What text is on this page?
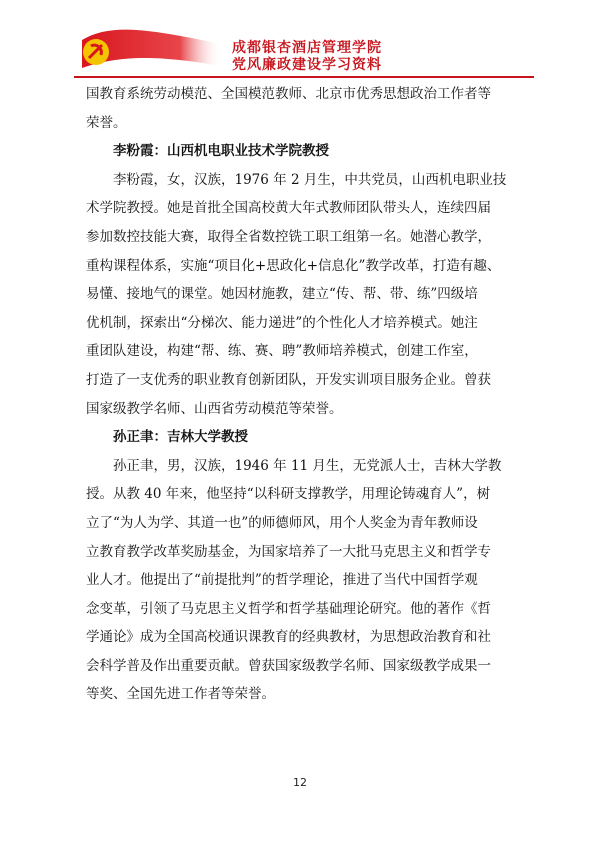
成都银杏酒店管理学院
党风廉政建设学习资料
国教育系统劳动模范、全国模范教师、北京市优秀思想政治工作者等
荣誉。
李粉霞：山西机电职业技术学院教授
李粉霞，女，汉族，1976 年 2 月生，中共党员，山西机电职业技
术学院教授。她是首批全国高校黄大年式教师团队带头人，连续四届
参加数控技能大赛，取得全省数控铣工职工组第一名。她潜心教学，
重构课程体系，实施“项目化+思政化+信息化”教学改革，打造有趣、
易懂、接地气的课堂。她因材施教，建立“传、帮、带、练”四级培
优机制，探索出“分梯次、能力递进”的个性化人才培养模式。她注
重团队建设，构建“帮、练、赛、聘”教师培养模式，创建工作室，
打造了一支优秀的职业教育创新团队，开发实训项目服务企业。曾获
国家级教学名师、山西省劳动模范等荣誉。
孙正聿：吉林大学教授
孙正聿，男，汉族，1946 年 11 月生，无党派人士，吉林大学教
授。从教 40 年来，他坚持“以科研支撑教学，用理论铸魂育人”，树
立了“为人为学、其道一也”的师德师风，用个人奖金为青年教师设
立教育教学改革奖励基金，为国家培养了一大批马克思主义和哲学专
业人才。他提出了“前提批判”的哲学理论，推进了当代中国哲学观
念变革，引领了马克思主义哲学和哲学基础理论研究。他的著作《哲
学通论》成为全国高校通识课教育的经典教材，为思想政治教育和社
会科学普及作出重要贡献。曾获国家级教学名师、国家级教学成果一
等奖、全国先进工作者等荣誉。
12
